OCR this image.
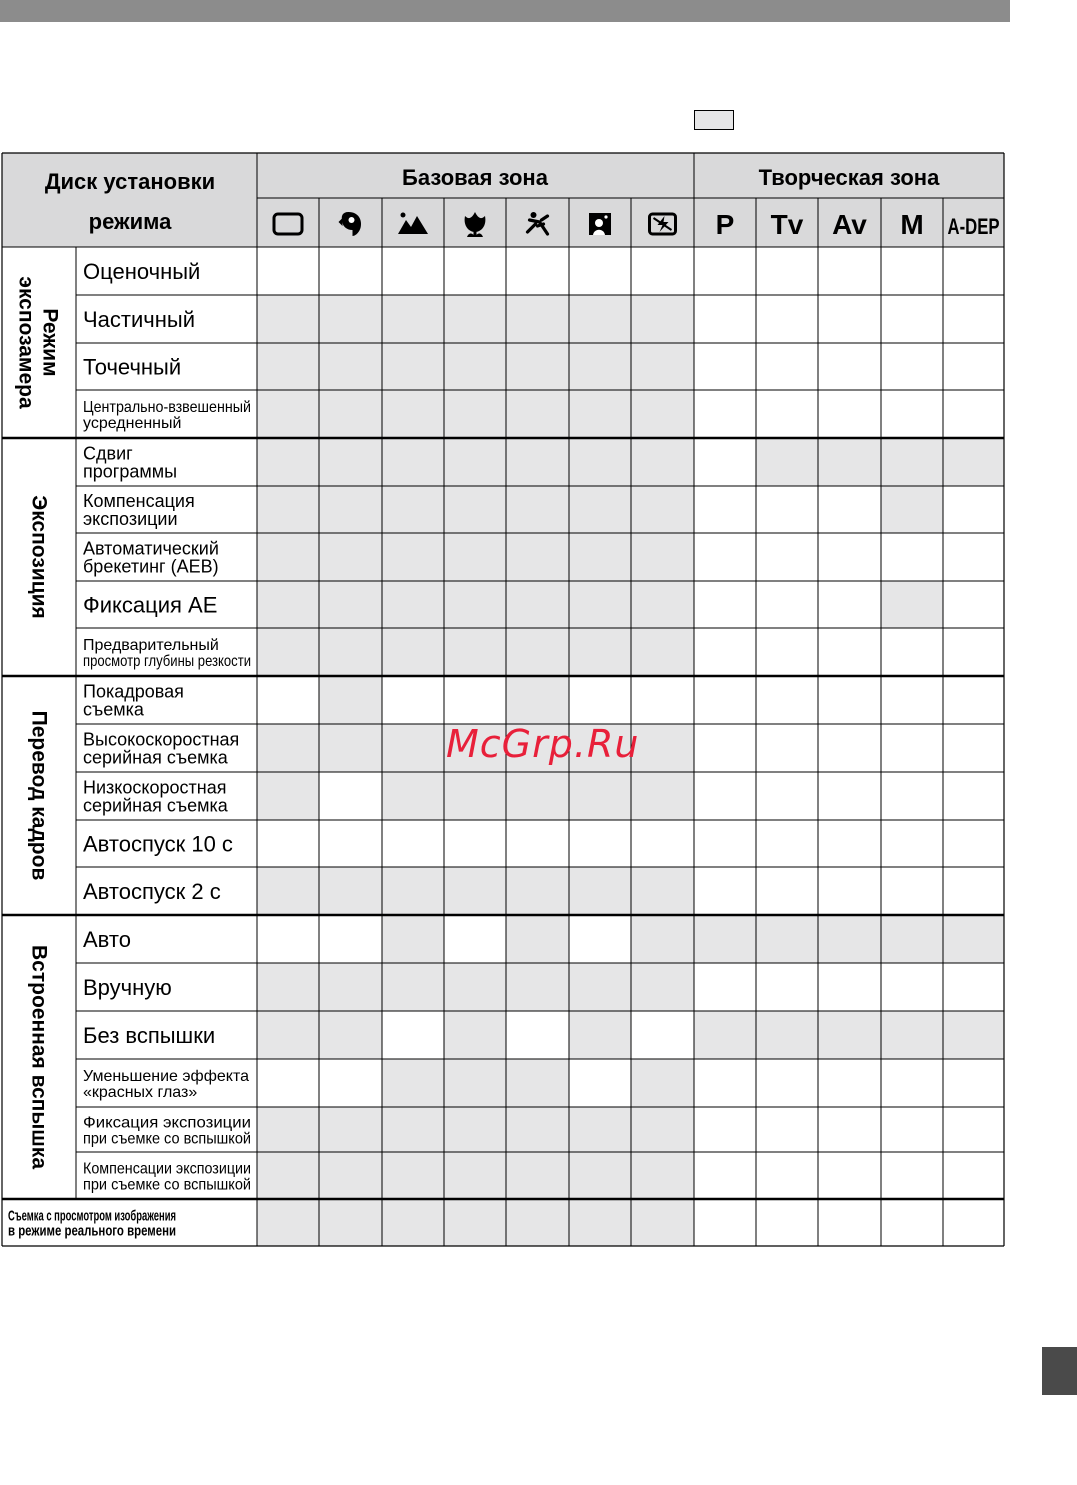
Диск установки
режима
Базовая зона	Творческая зона
Оценочный
Частичный
Точечный
Центрально-взвешенный
усредненный
Сдвиг
программы
Компенсация
экспозиции
Автоматический
брекетинг (AEB)
Фиксация AE
Предварительный
просмотр глубины резкости
Покадровая
съемка
Высокоскоростная
серийная съемка
Низкоскоростная
серийная съемка
Автоспуск 10 с
Автоспуск 2 с
Авто
Вручную
Без вспышки
Уменьшение эффекта
«красных глаз»
Фиксация экспозиции
при съемке со вспышкой
Компенсации экспозиции
при съемке со вспышкой
Съемка с просмотром изображения
в режиме реального времени
Режим
экспозамера
Экспозиция
Перевод кадров
Встроенная вспышка
P Tv Av M A-DEP
McGrp.Ru
